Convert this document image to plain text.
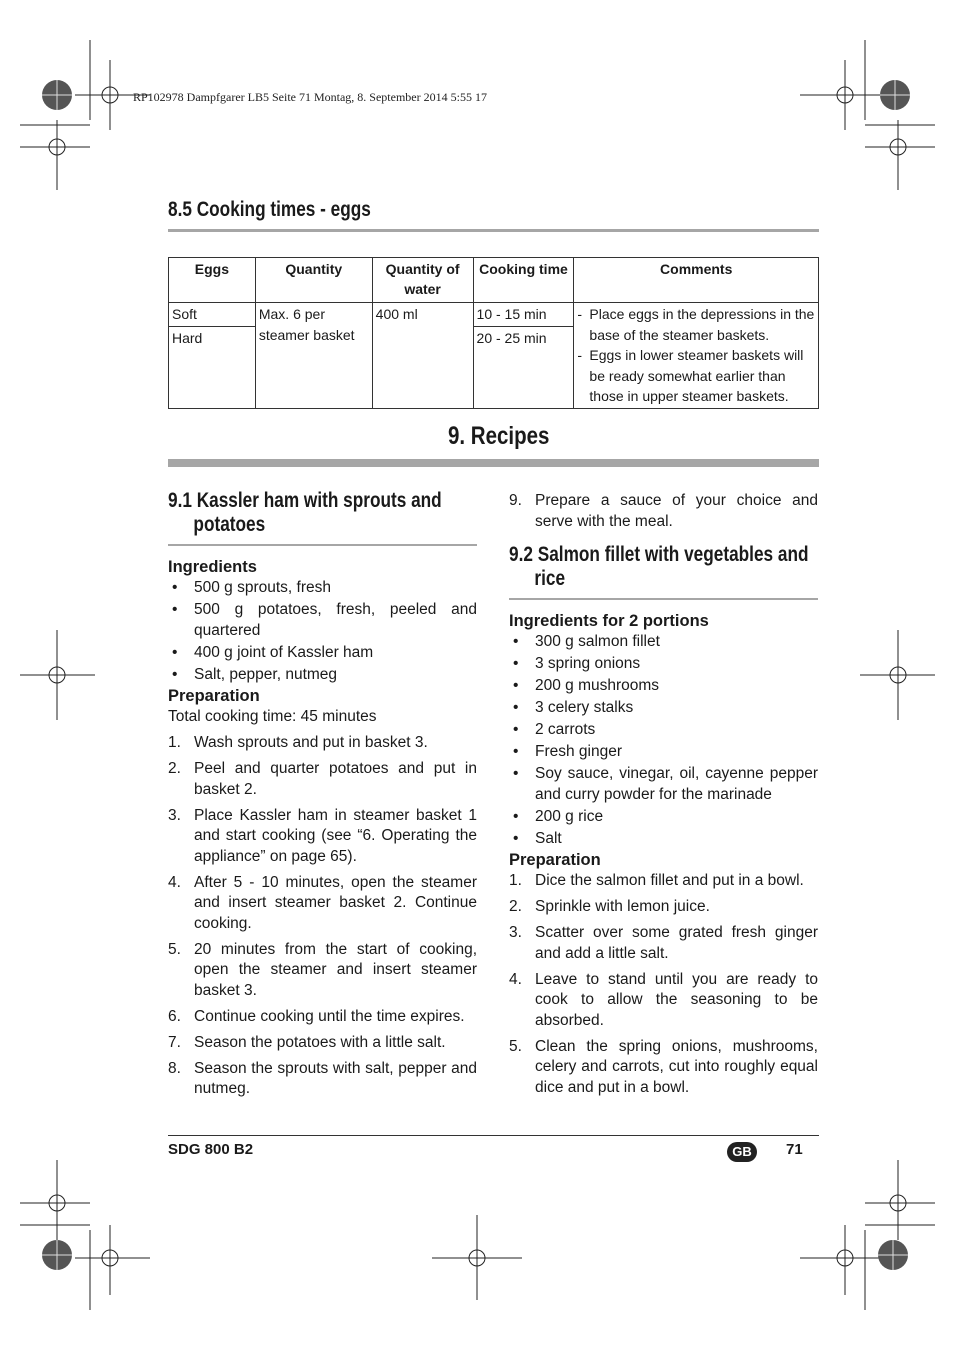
RP102978 Dampfgarer LB5 Seite 71 Montag, 8. September 2014 5:55 17
8.5 Cooking times - eggs
Eggs	Quantity	Quantity of water	Cooking time	Comments
Soft	Max. 6 per steamer basket	400 ml	10 - 15 min	- Place eggs in the depressions in the base of the steamer baskets.
- Eggs in lower steamer baskets will be ready somewhat earlier than those in upper steamer baskets.

Hard			20 - 25 min	
9. Recipes
9.1 Kassler ham with sprouts and
potatoes
Ingredients
• 500 g sprouts, fresh
• 500 g potatoes, fresh, peeled and quartered
• 400 g joint of Kassler ham
• Salt, pepper, nutmeg
Preparation
Total cooking time: 45 minutes
1. Wash sprouts and put in basket 3.
2. Peel and quarter potatoes and put in basket 2.
3. Place Kassler ham in steamer basket 1 and start cooking (see “6. Operating the appliance” on page 65).
4. After 5 - 10 minutes, open the steamer and insert steamer basket 2. Continue cooking.
5. 20 minutes from the start of cooking, open the steamer and insert steamer basket 3.
6. Continue cooking until the time expires.
7. Season the potatoes with a little salt.
8. Season the sprouts with salt, pepper and nutmeg.
9. Prepare a sauce of your choice and serve with the meal.
9.2 Salmon fillet with vegetables and
rice
Ingredients for 2 portions
• 300 g salmon fillet
• 3 spring onions
• 200 g mushrooms
• 3 celery stalks
• 2 carrots
• Fresh ginger
• Soy sauce, vinegar, oil, cayenne pepper and curry powder for the marinade
• 200 g rice
• Salt
Preparation
1. Dice the salmon fillet and put in a bowl.
2. Sprinkle with lemon juice.
3. Scatter over some grated fresh ginger and add a little salt.
4. Leave to stand until you are ready to cook to allow the seasoning to be absorbed.
5. Clean the spring onions, mushrooms, celery and carrots, cut into roughly equal dice and put in a bowl.
SDG 800 B2	GB	71
